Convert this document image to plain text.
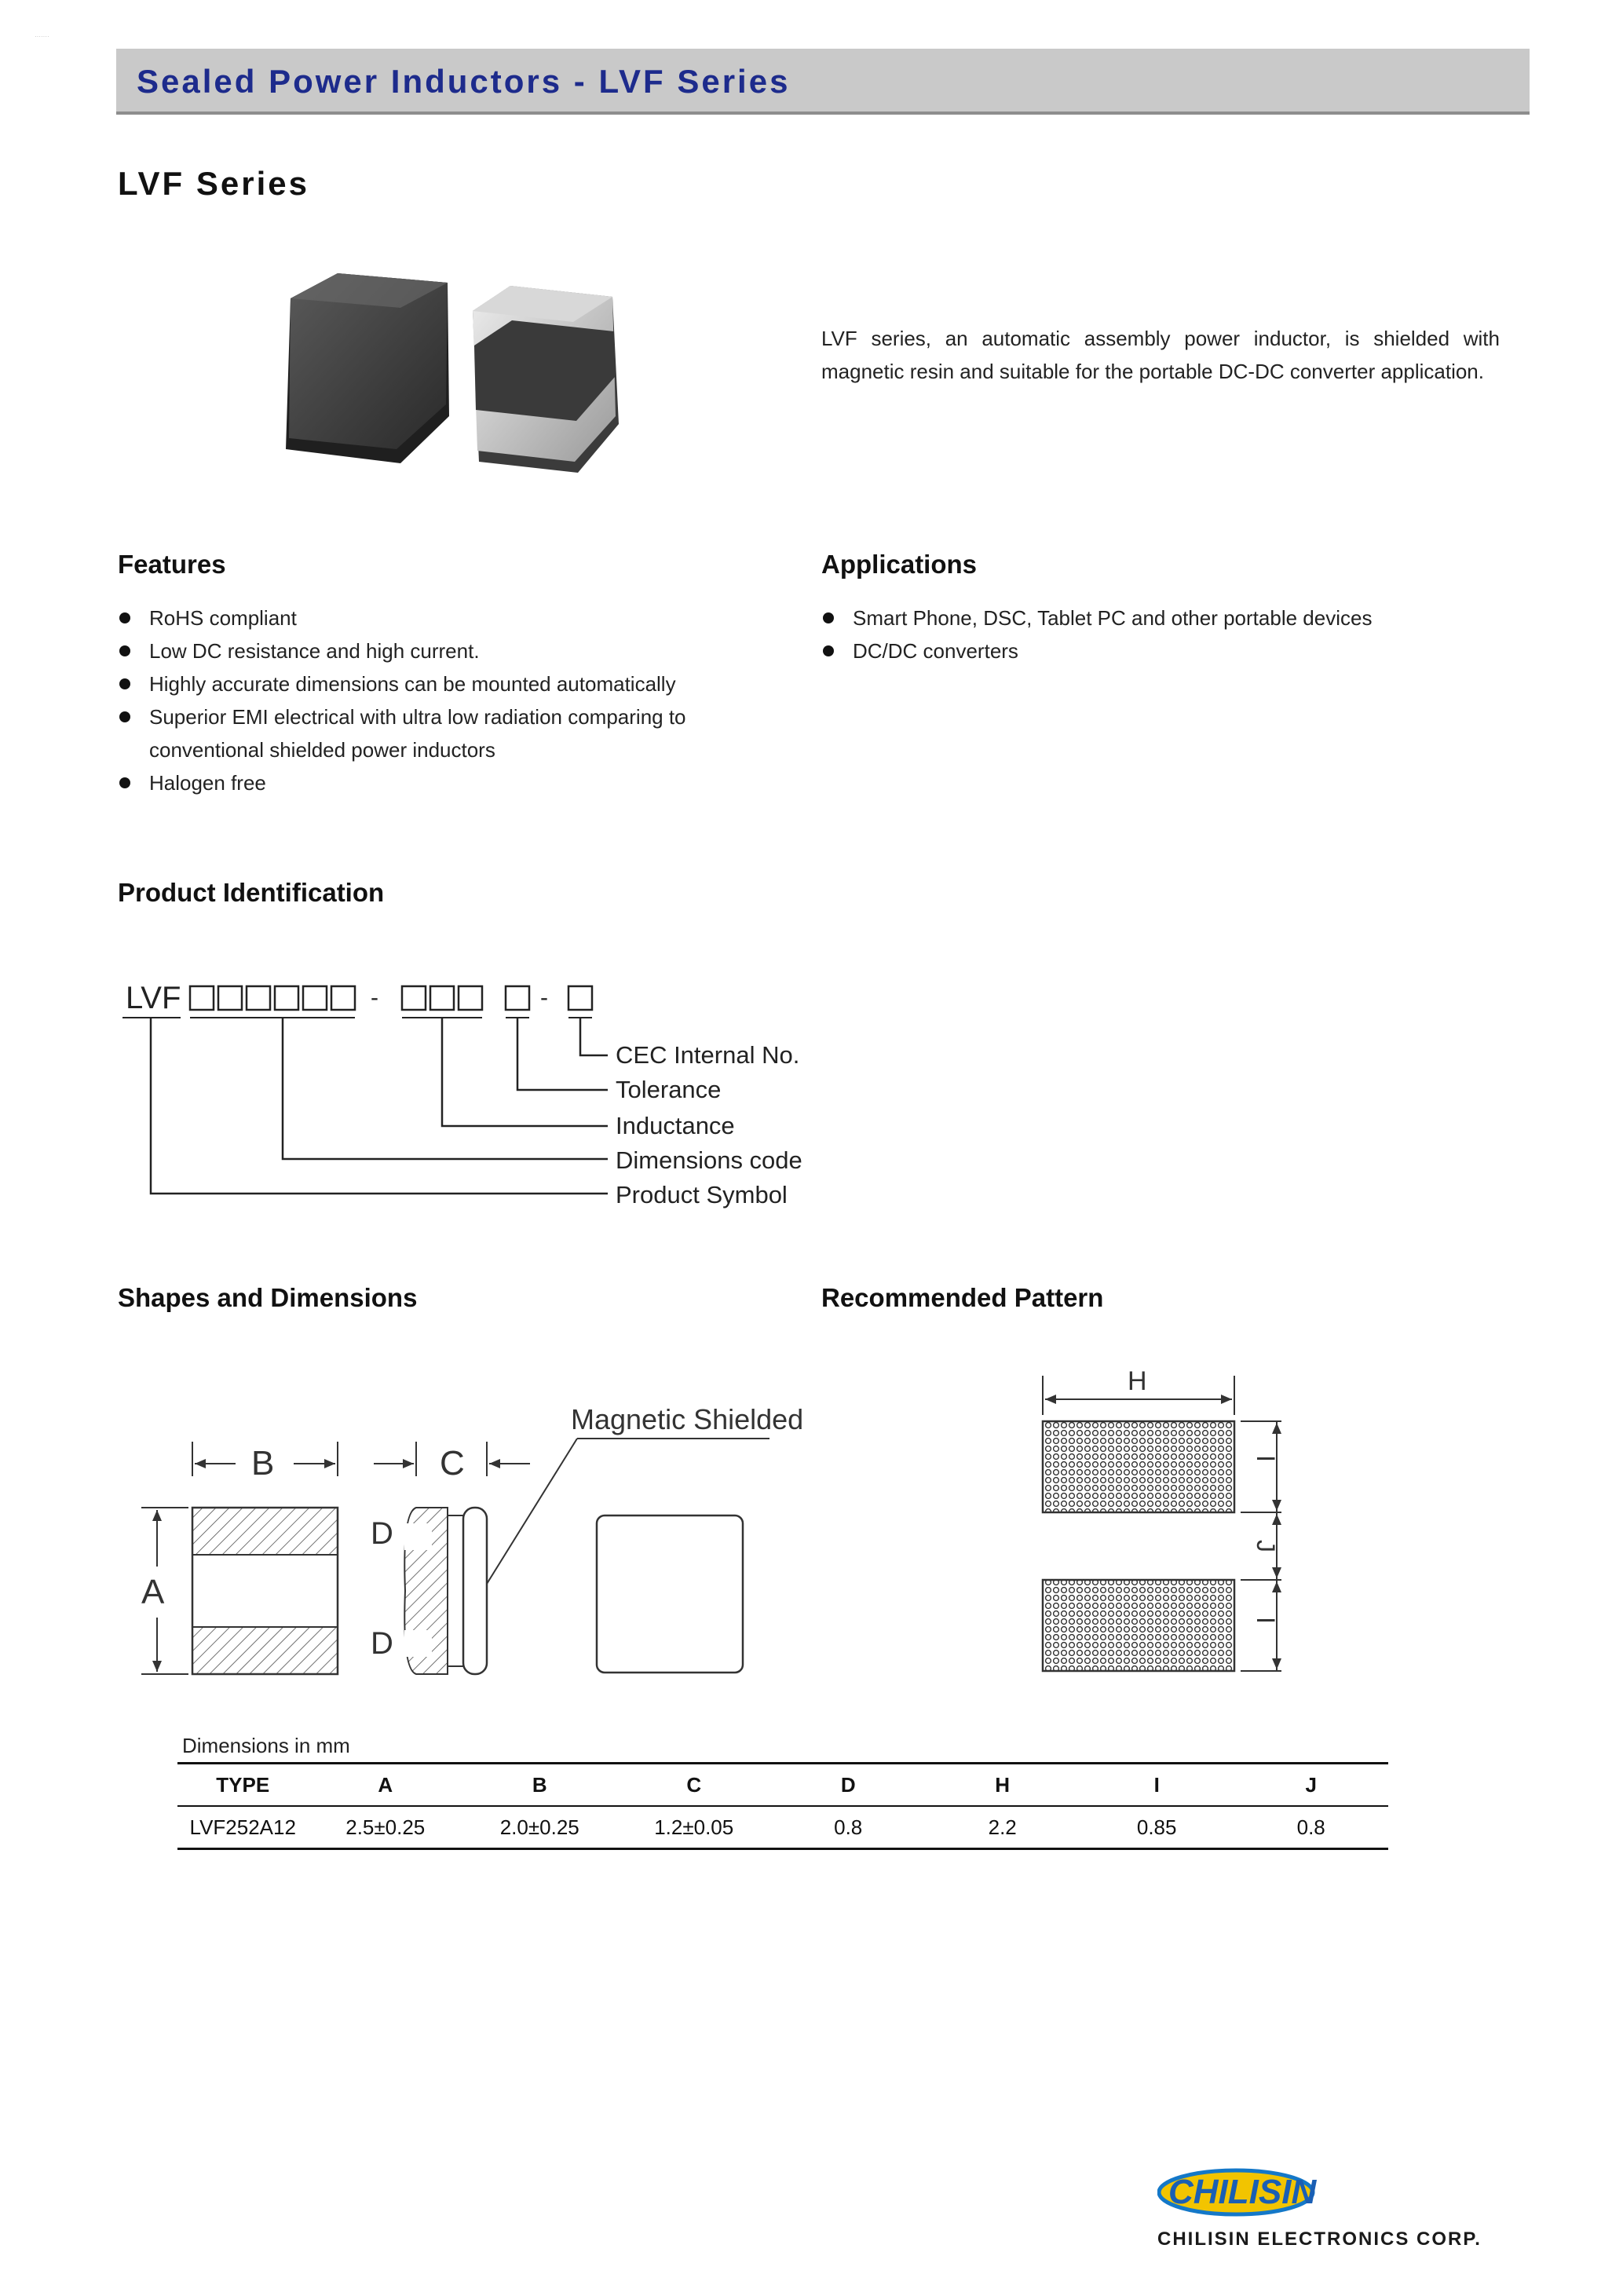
Sealed Power Inductors - LVF Series
·······
LVF Series
LVF series, an automatic assembly power inductor, is shielded with magnetic resin and suitable for the portable DC-DC converter application.
Features
RoHS compliant
Low DC resistance and high current.
Highly accurate dimensions can be mounted automatically
Superior EMI electrical with ultra low radiation comparing to conventional shielded power inductors
Halogen free
Applications
Smart Phone, DSC, Tablet PC and other portable devices
DC/DC converters
Product Identification
LVF	-	-
CEC Internal No.
Tolerance
Inductance
Dimensions code
Product Symbol
Shapes and Dimensions
B	C
Magnetic Shielded
A
D
D
Recommended Pattern
H
I
J
I
Dimensions in mm
TYPE	A	B	C	D	H	I	J
LVF252A12	2.5±0.25	2.0±0.25	1.2±0.05	0.8	2.2	0.85	0.8
CHILISIN
CHILISIN ELECTRONICS CORP.
